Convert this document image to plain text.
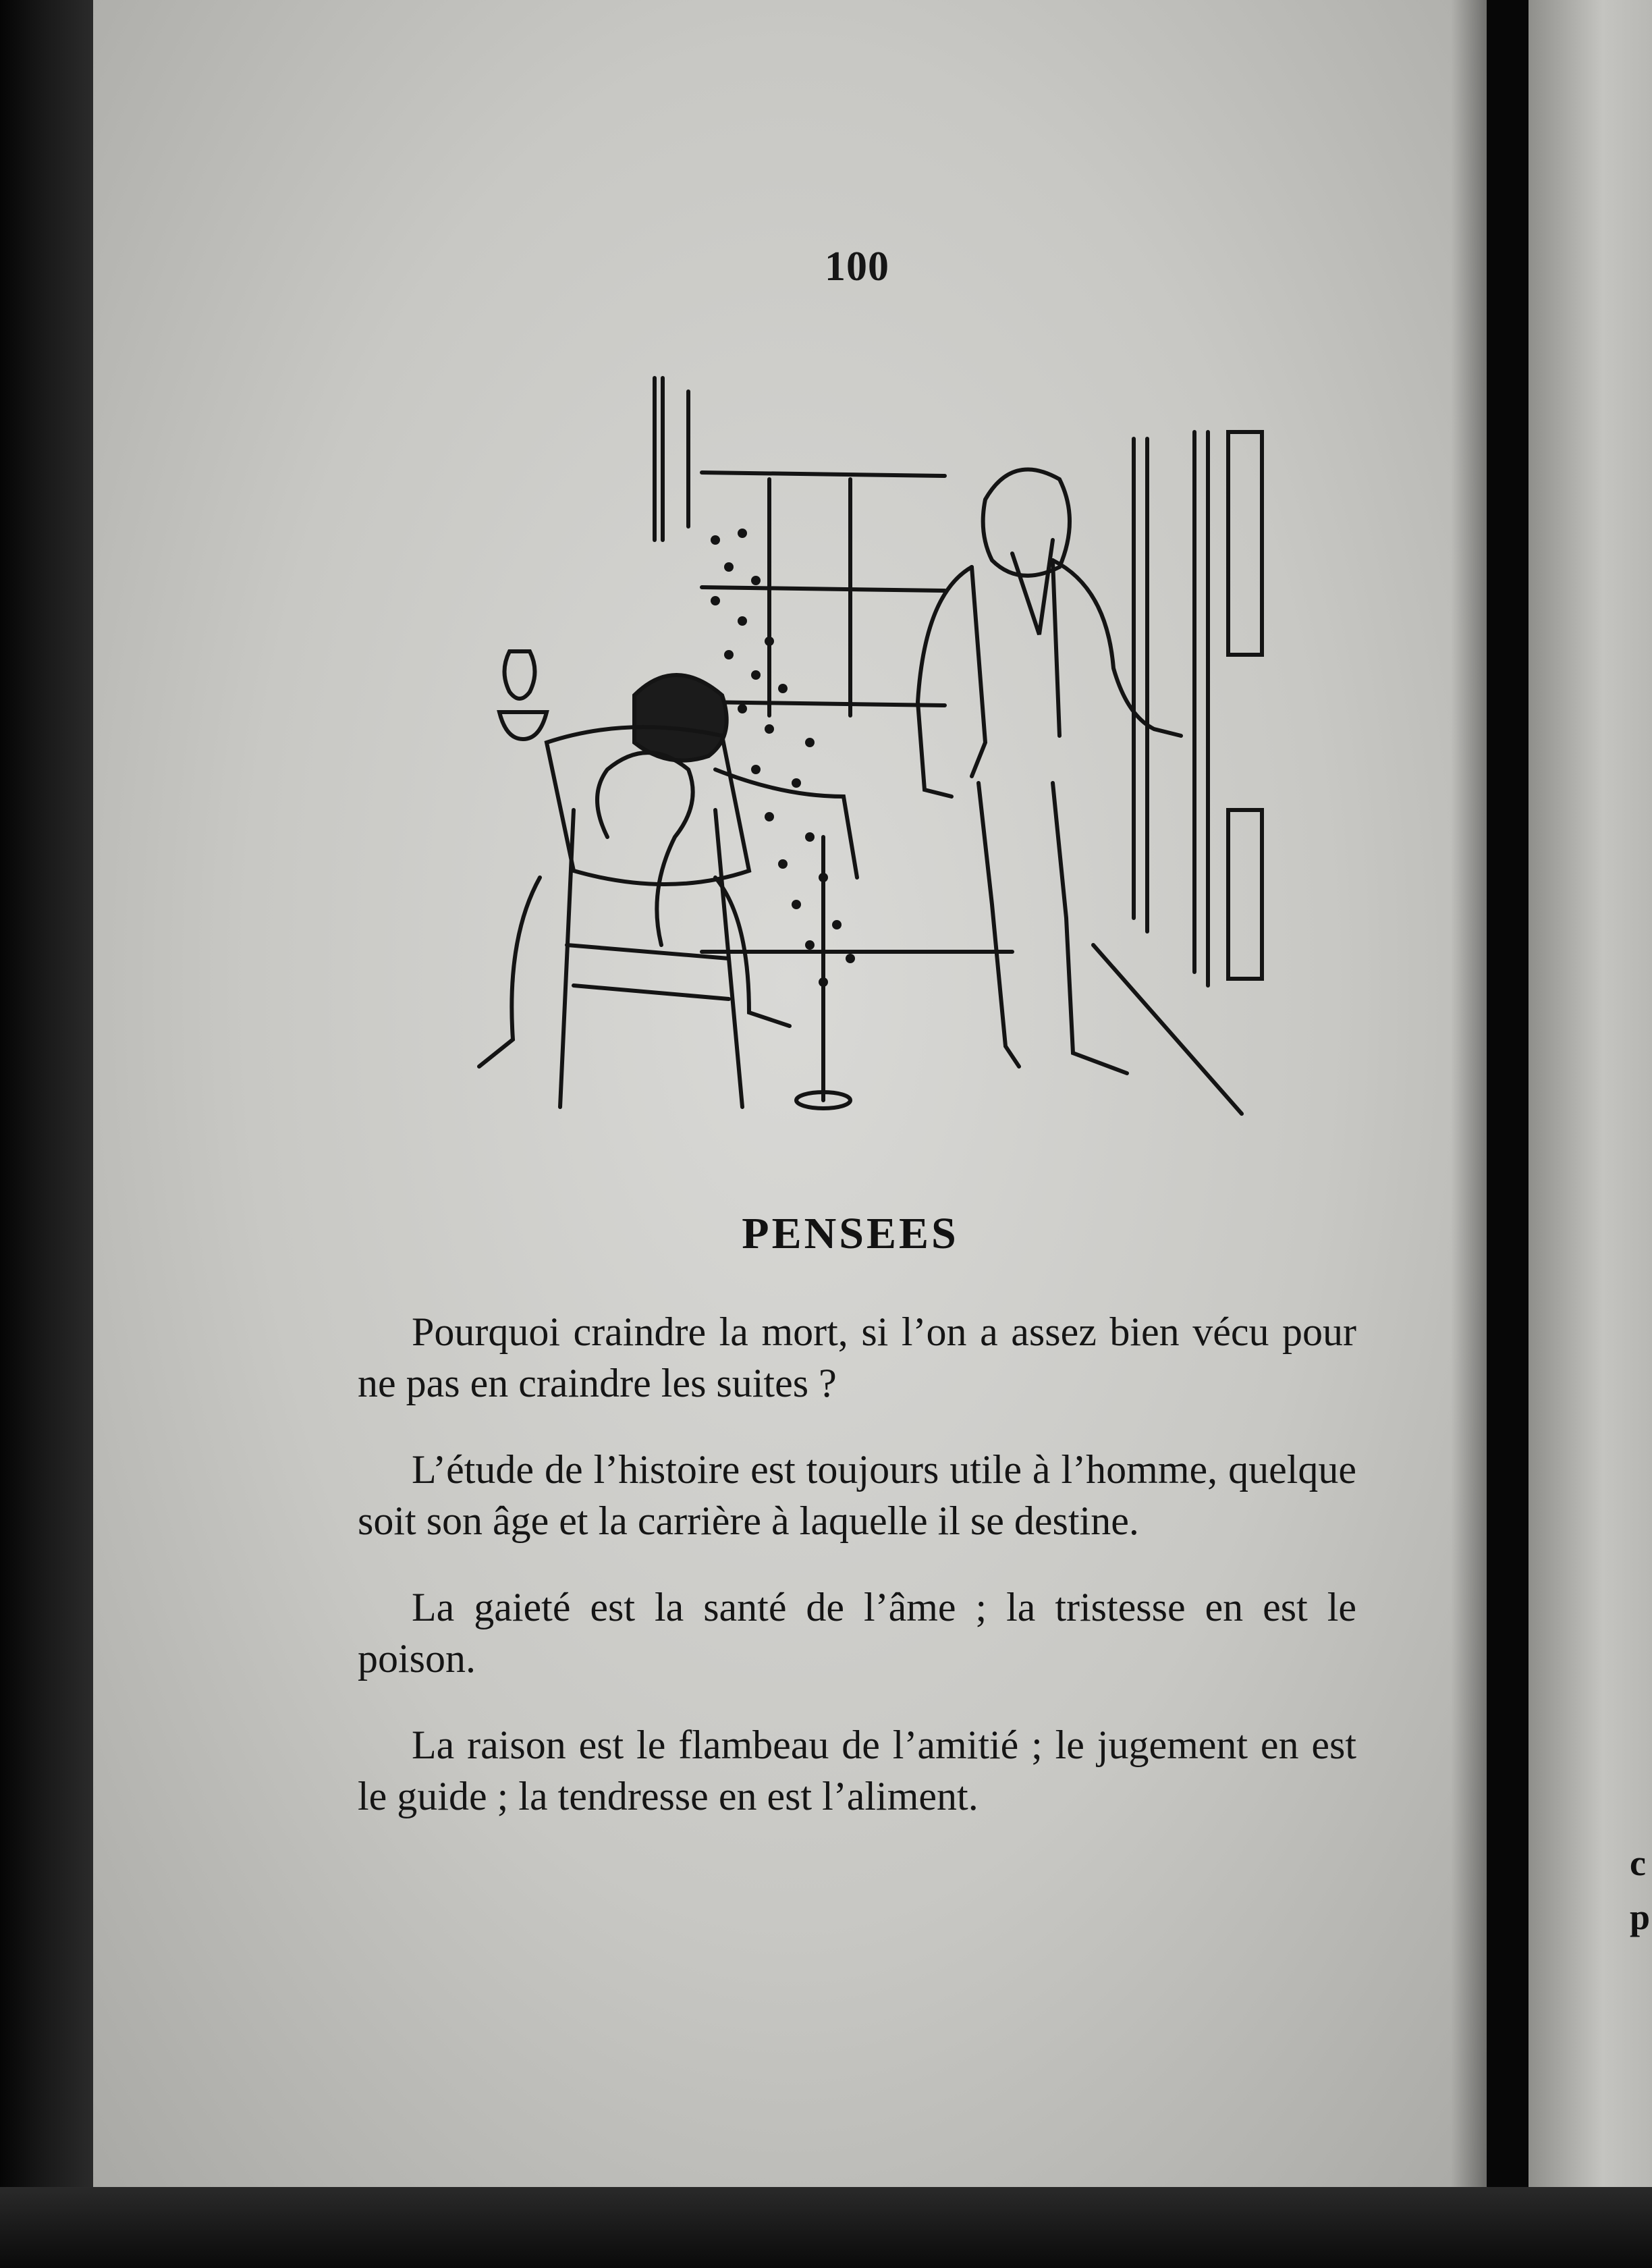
100
PENSEES

Pourquoi craindre la mort, si l’on a assez bien vécu pour ne pas en craindre les suites ?

L’étude de l’histoire est toujours utile à l’homme, quelque soit son âge et la carrière à laquelle il se destine.

La gaieté est la santé de l’âme ; la tristesse en est le poison.

La raison est le flambeau de l’amitié ; le jugement en est le guide ; la tendresse en est l’aliment.

c
p
